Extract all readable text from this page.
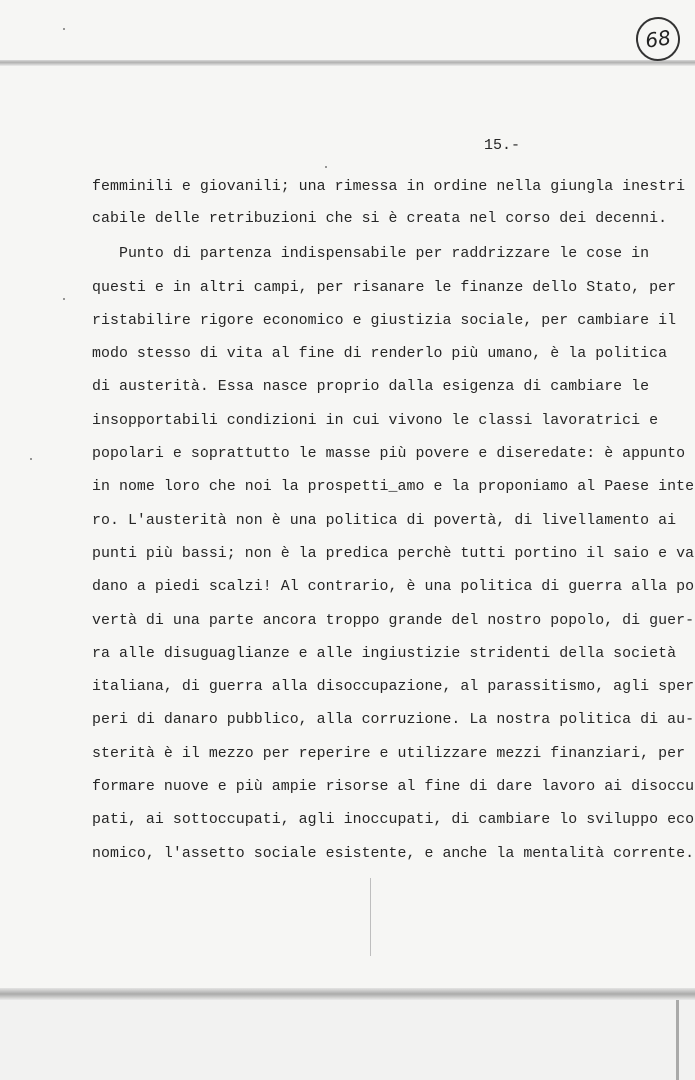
68
15.-
femminili e giovanili; una rimessa in ordine nella giungla inestri
cabile delle retribuzioni che si è creata nel corso dei decenni.
Punto di partenza indispensabile per raddrizzare le cose in
questi e in altri campi, per risanare le finanze dello Stato, per
ristabilire rigore economico e giustizia sociale, per cambiare il
modo stesso di vita al fine di renderlo più umano, è la politica
di austerità. Essa nasce proprio dalla esigenza di cambiare le
insopportabili condizioni in cui vivono le classi lavoratrici e
popolari e soprattutto le masse più povere e diseredate: è appunto
in nome loro che noi la prospetti_amo e la proponiamo al Paese inte
ro. L'austerità non è una politica di povertà, di livellamento ai
punti più bassi; non è la predica perchè tutti portino il saio e va
dano a piedi scalzi! Al contrario, è una politica di guerra alla po
vertà di una parte ancora troppo grande del nostro popolo, di guer-
ra alle disuguaglianze e alle ingiustizie stridenti della società
italiana, di guerra alla disoccupazione, al parassitismo, agli sper
peri di danaro pubblico, alla corruzione. La nostra politica di au-
sterità è il mezzo per reperire e utilizzare mezzi finanziari, per
formare nuove e più ampie risorse al fine di dare lavoro ai disoccu
pati, ai sottoccupati, agli inoccupati, di cambiare lo sviluppo eco
nomico, l'assetto sociale esistente, e anche la mentalità corrente.
